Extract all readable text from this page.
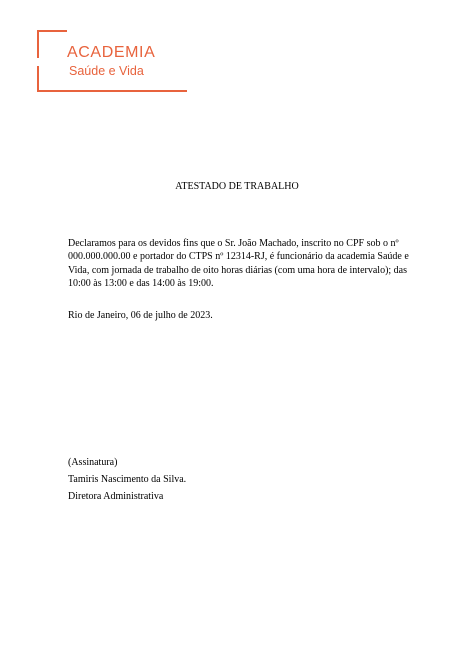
ACADEMIA
Saúde e Vida
ATESTADO DE TRABALHO
Declaramos para os devidos fins que o Sr. João Machado, inscrito no CPF sob o nº
000.000.000.00 e portador do CTPS nº 12314-RJ, é funcionário da academia Saúde e
Vida, com jornada de trabalho de oito horas diárias (com uma hora de intervalo); das
10:00 às 13:00 e das 14:00 às 19:00.
Rio de Janeiro, 06 de julho de 2023.
(Assinatura)
Tamiris Nascimento da Silva.
Diretora Administrativa
